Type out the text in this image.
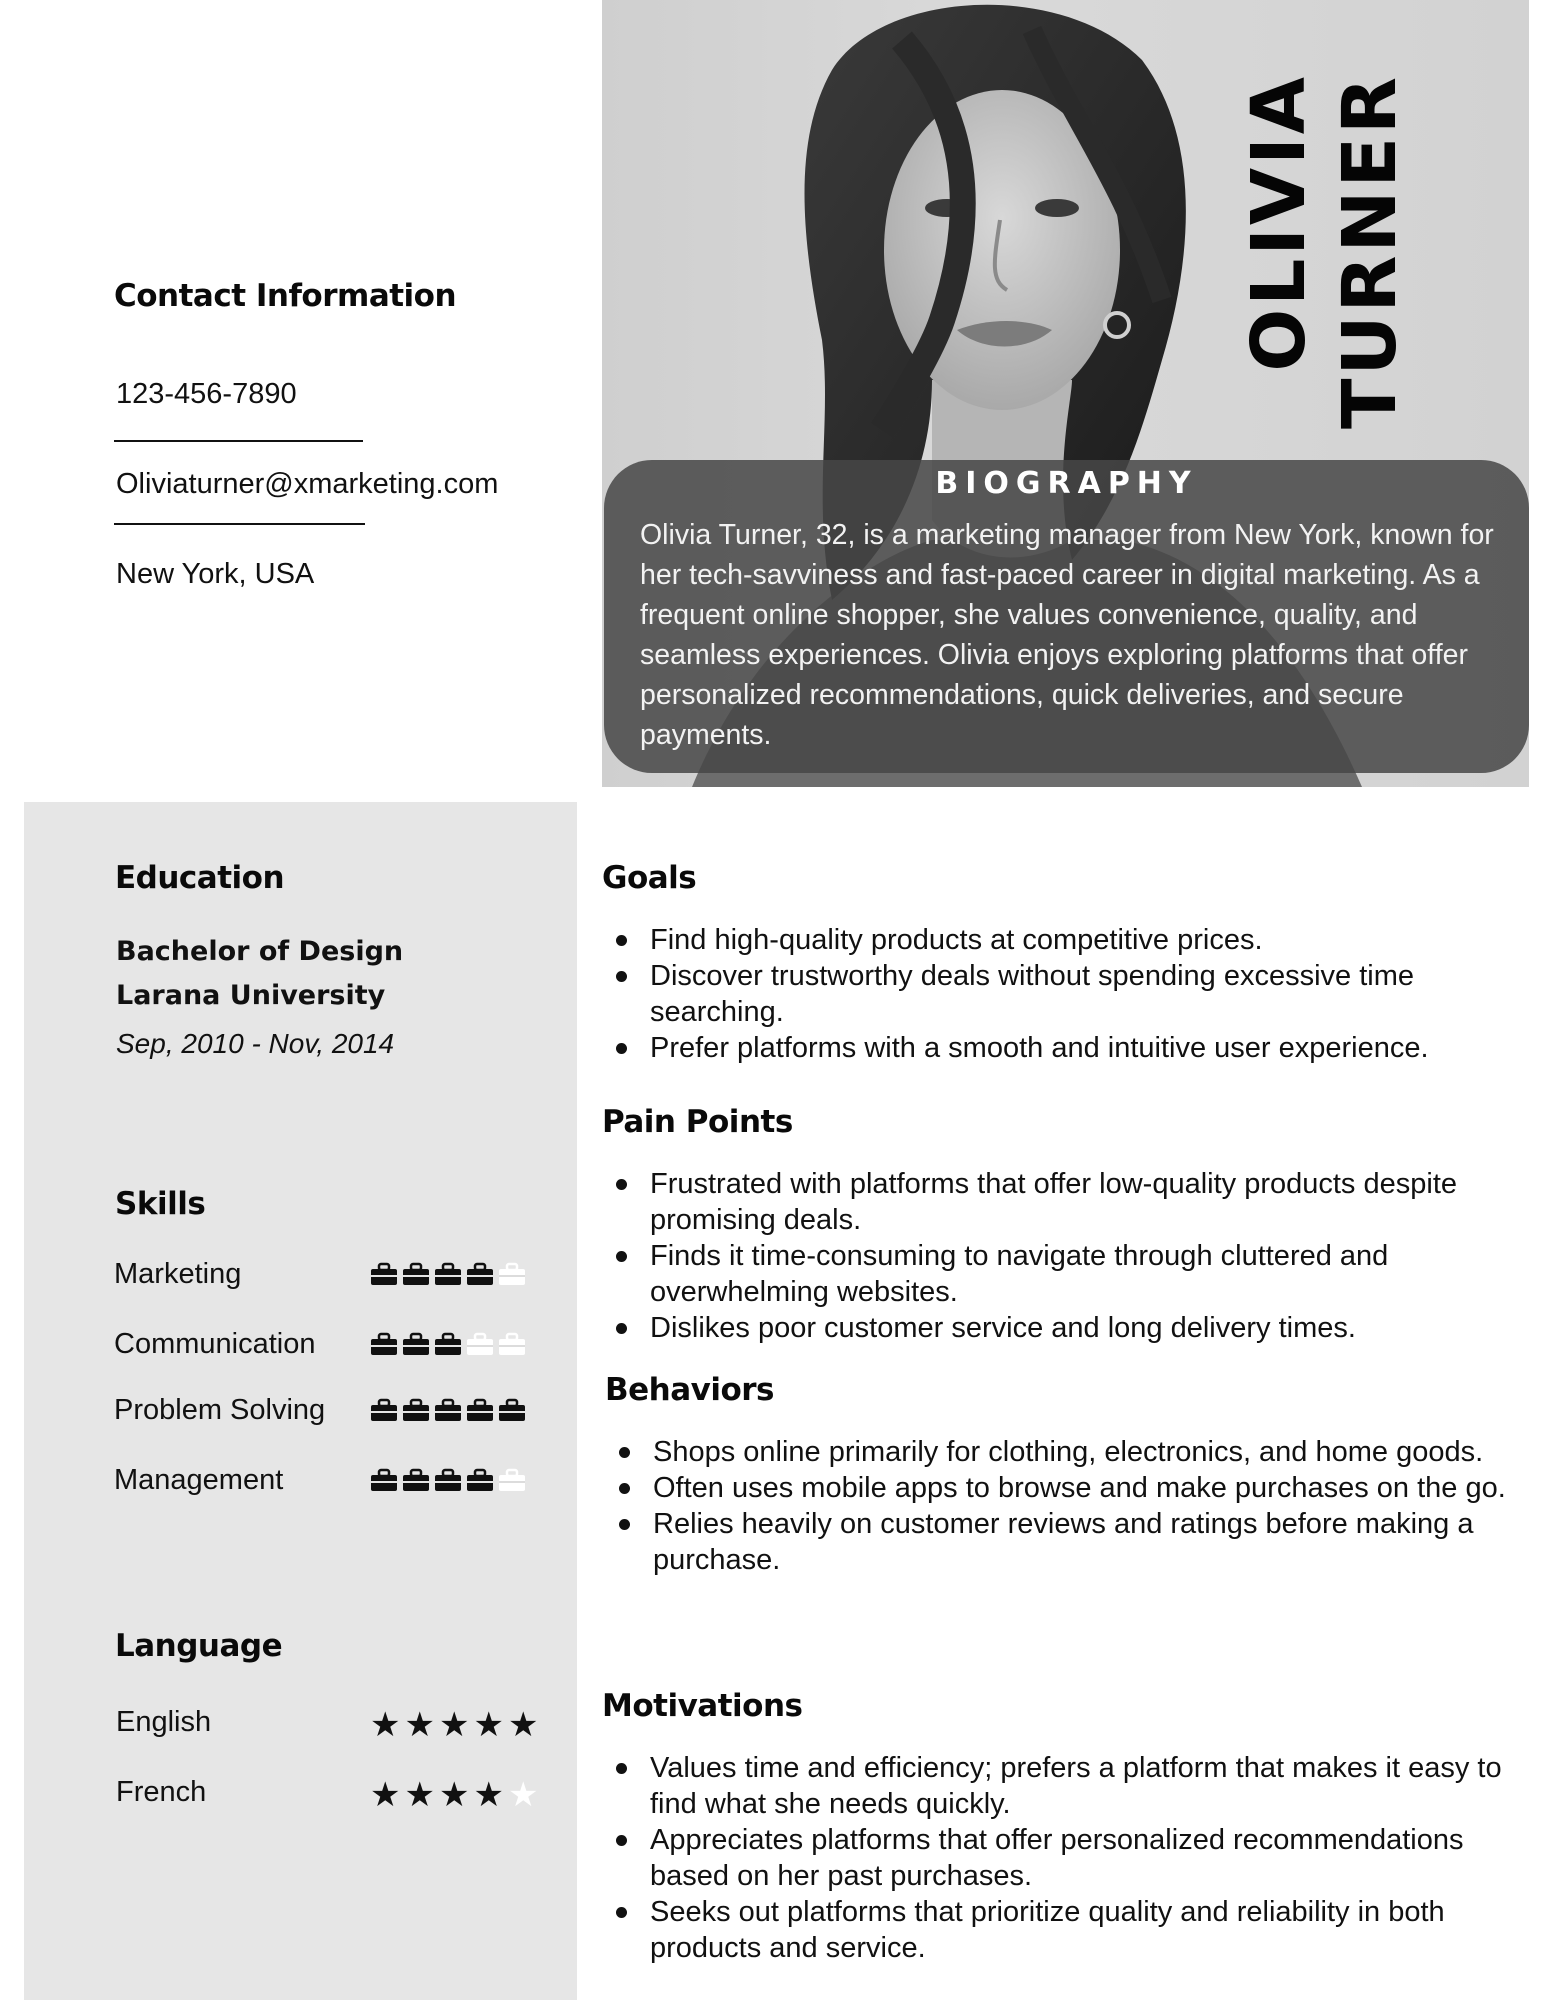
Contact Information
123-456-7890
Oliviaturner@xmarketing.com
New York, USA
OLIVIA TURNER
BIOGRAPHY
Olivia Turner, 32, is a marketing manager from New York, known for her tech-savviness and fast-paced career in digital marketing. As a frequent online shopper, she values convenience, quality, and seamless experiences. Olivia enjoys exploring platforms that offer personalized recommendations, quick deliveries, and secure payments.
Education
Bachelor of Design
Larana University
Sep, 2010 - Nov, 2014
Skills
Marketing
Communication
Problem Solving
Management
Language
English	★ ★ ★ ★ ★
French	★ ★ ★ ★ ★
Goals
Find high-quality products at competitive prices.
Discover trustworthy deals without spending excessive time searching.
Prefer platforms with a smooth and intuitive user experience.
Pain Points
Frustrated with platforms that offer low-quality products despite promising deals.
Finds it time-consuming to navigate through cluttered and overwhelming websites.
Dislikes poor customer service and long delivery times.
Behaviors
Shops online primarily for clothing, electronics, and home goods.
Often uses mobile apps to browse and make purchases on the go.
Relies heavily on customer reviews and ratings before making a purchase.
Motivations
Values time and efficiency; prefers a platform that makes it easy to find what she needs quickly.
Appreciates platforms that offer personalized recommendations based on her past purchases.
Seeks out platforms that prioritize quality and reliability in both products and service.
